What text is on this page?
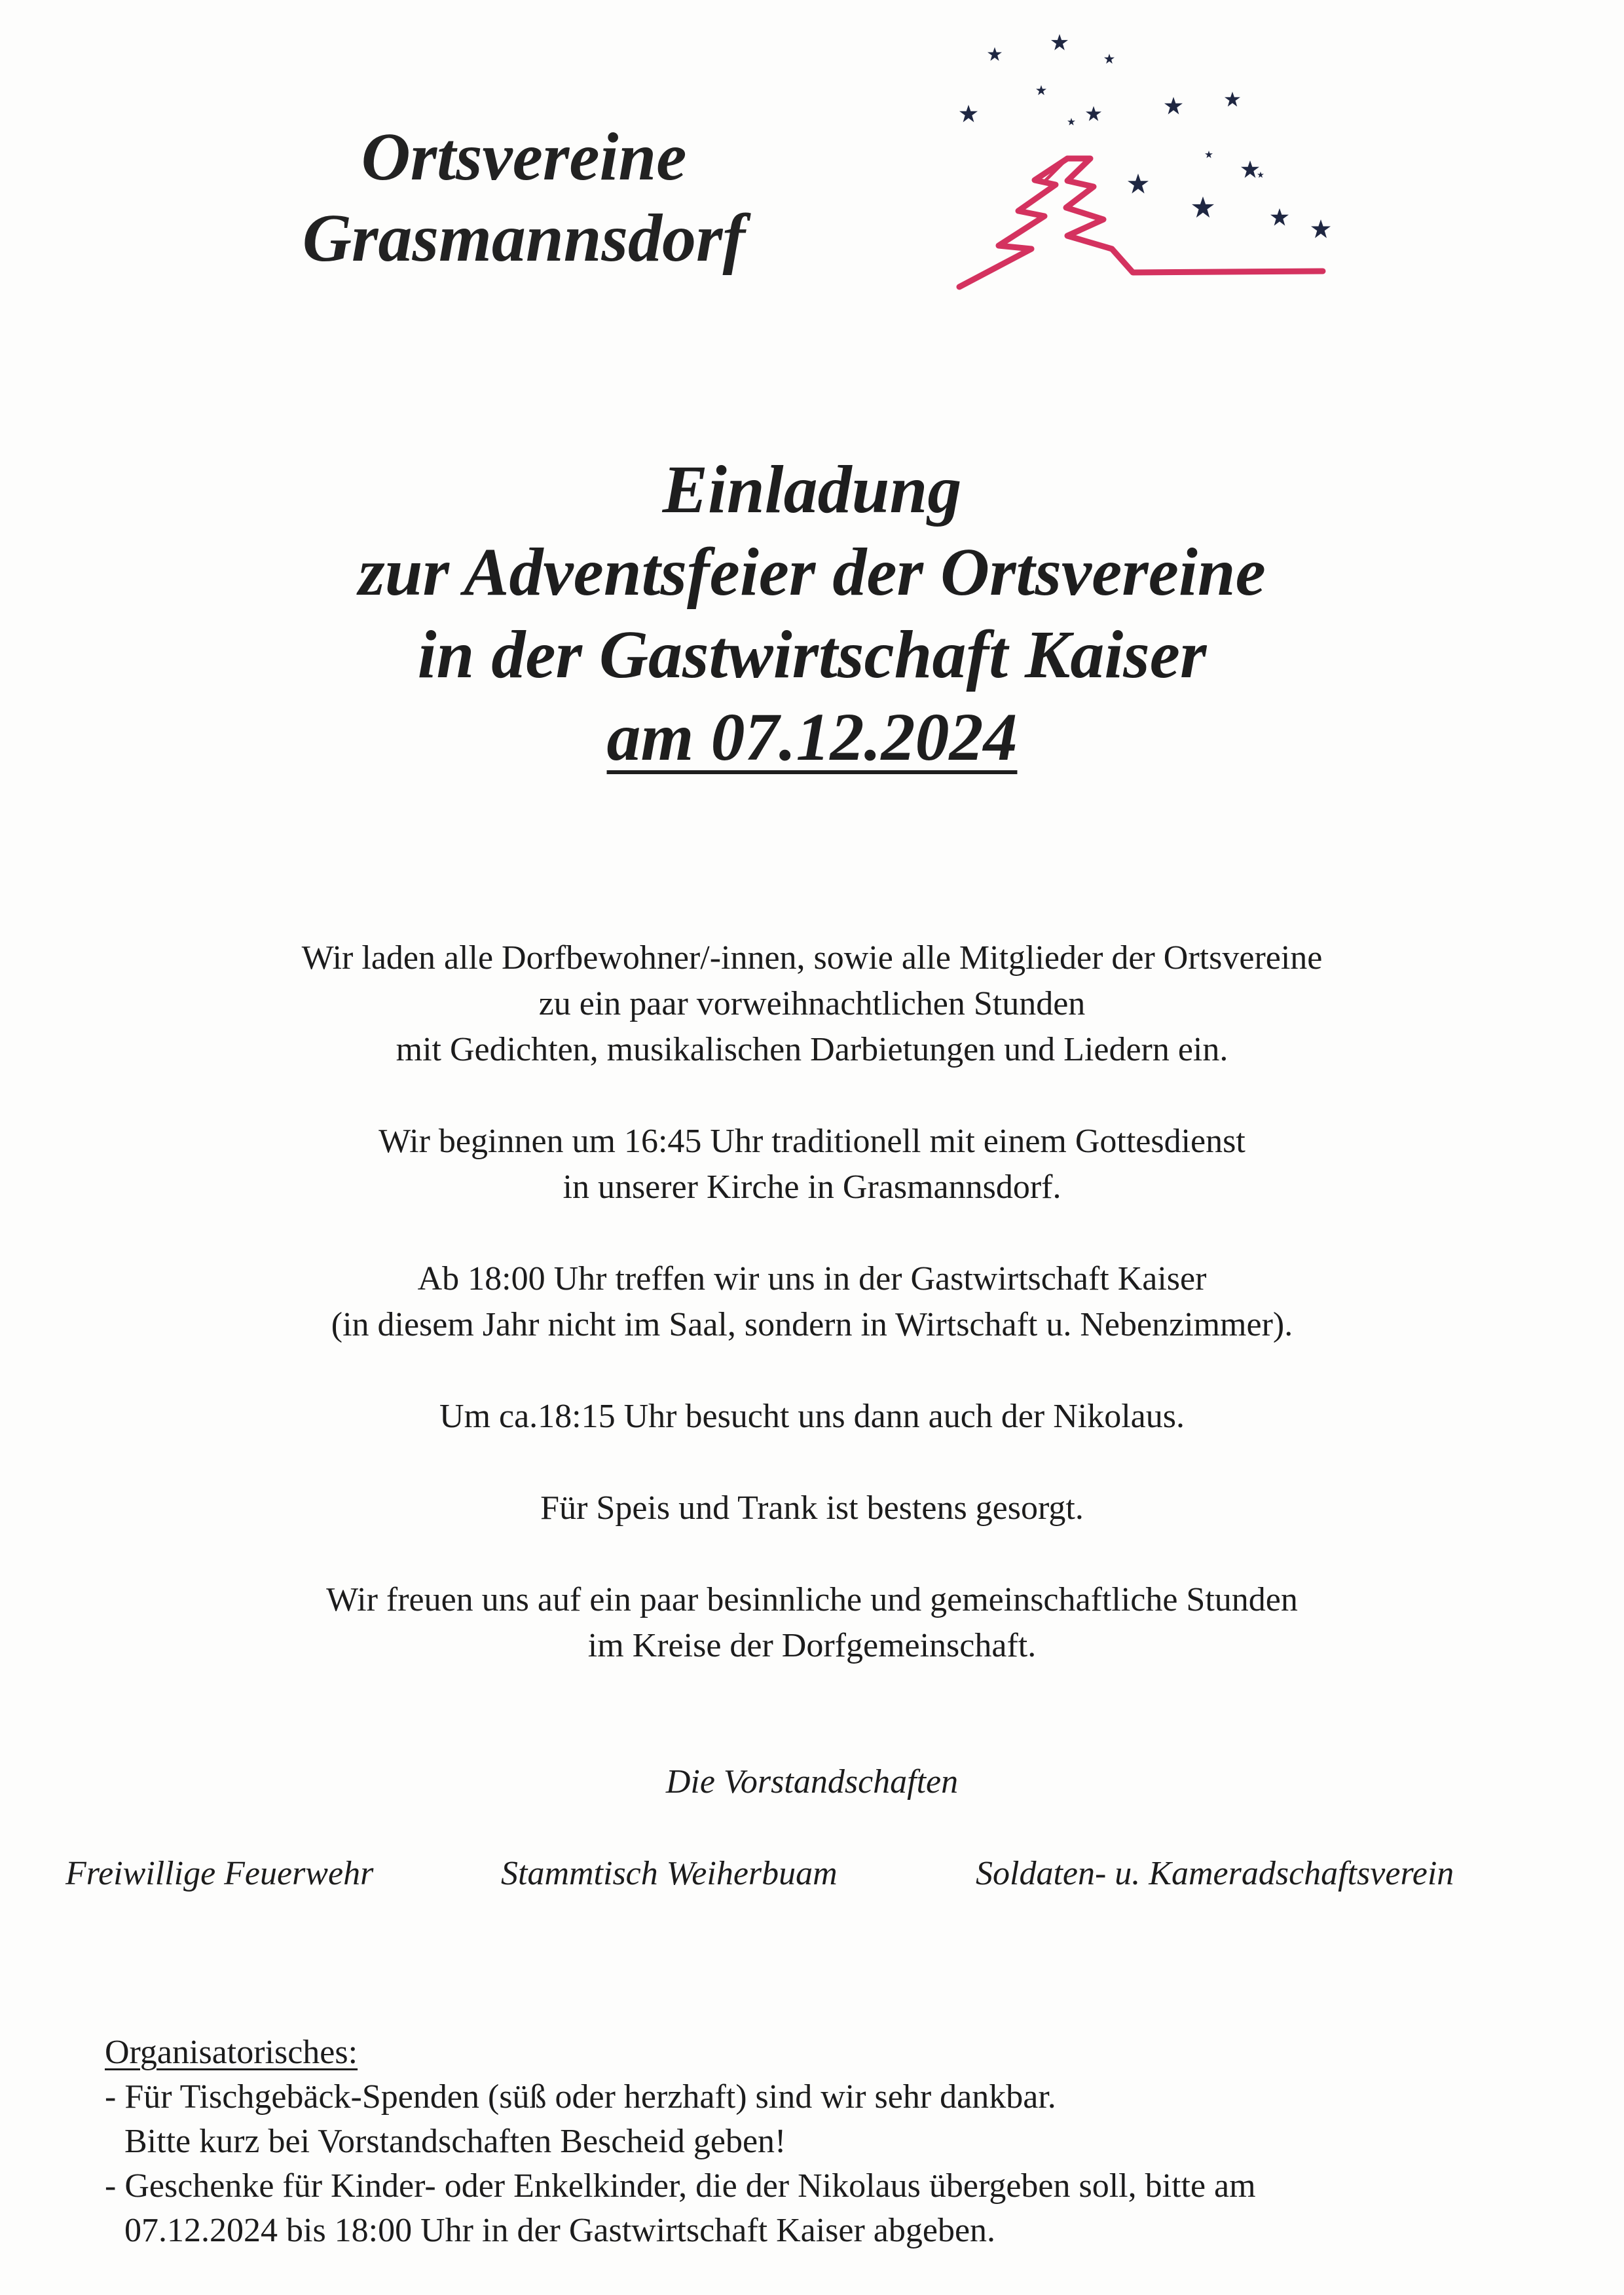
Ortsvereine
Grasmannsdorf
Einladung
zur Adventsfeier der Ortsvereine
in der Gastwirtschaft Kaiser
am 07.12.2024
Wir laden alle Dorfbewohner/-innen, sowie alle Mitglieder der Ortsvereine
zu ein paar vorweihnachtlichen Stunden
mit Gedichten, musikalischen Darbietungen und Liedern ein.
Wir beginnen um 16:45 Uhr traditionell mit einem Gottesdienst
in unserer Kirche in Grasmannsdorf.
Ab 18:00 Uhr treffen wir uns in der Gastwirtschaft Kaiser
(in diesem Jahr nicht im Saal, sondern in Wirtschaft u. Nebenzimmer).
Um ca.18:15 Uhr besucht uns dann auch der Nikolaus.
Für Speis und Trank ist bestens gesorgt.
Wir freuen uns auf ein paar besinnliche und gemeinschaftliche Stunden
im Kreise der Dorfgemeinschaft.
Die Vorstandschaften
Freiwillige Feuerwehr	Stammtisch Weiherbuam	Soldaten- u. Kameradschaftsverein
Organisatorisches:
- Für Tischgebäck-Spenden (süß oder herzhaft) sind wir sehr dankbar.
Bitte kurz bei Vorstandschaften Bescheid geben!
- Geschenke für Kinder- oder Enkelkinder, die der Nikolaus übergeben soll, bitte am
07.12.2024 bis 18:00 Uhr in der Gastwirtschaft Kaiser abgeben.
